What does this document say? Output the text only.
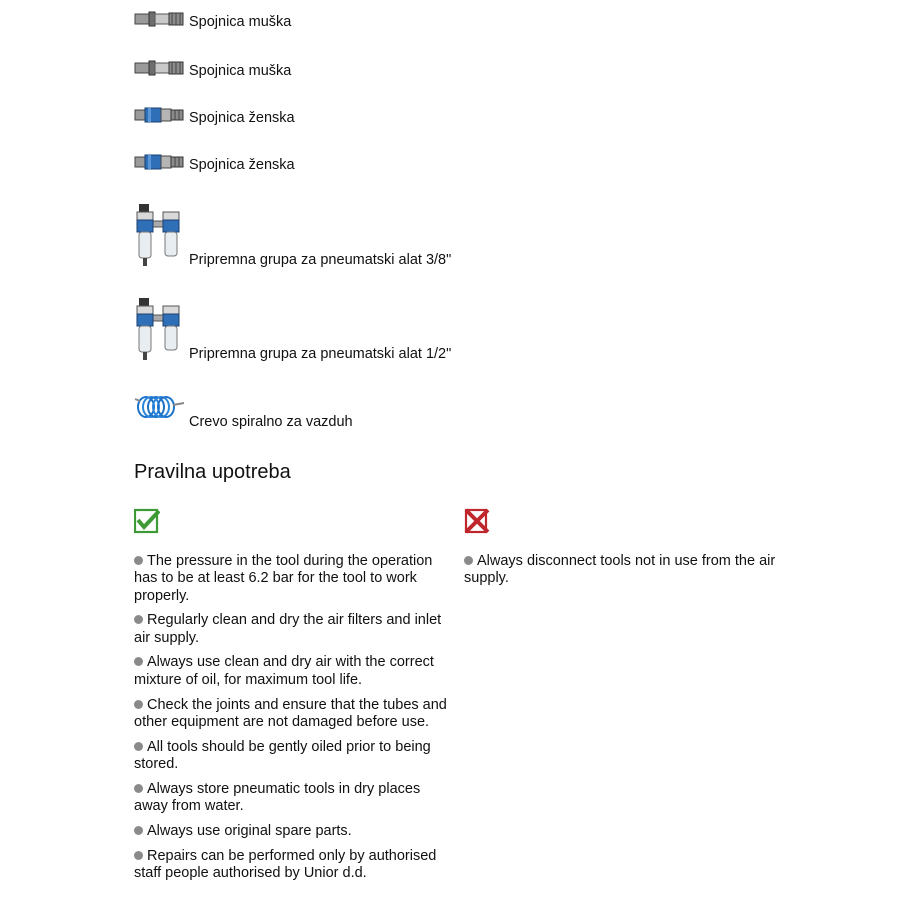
Spojnica muška
Spojnica muška
Spojnica ženska
Spojnica ženska
Pripremna grupa za pneumatski alat 3/8"
Pripremna grupa za pneumatski alat 1/2"
Crevo spiralno za vazduh
Pravilna upotreba
The pressure in the tool during the operation has to be at least 6.2 bar for the tool to work properly.
Regularly clean and dry the air filters and inlet air supply.
Always use clean and dry air with the correct mixture of oil, for maximum tool life.
Check the joints and ensure that the tubes and other equipment are not damaged before use.
All tools should be gently oiled prior to being stored.
Always store pneumatic tools in dry places away from water.
Always use original spare parts.
Repairs can be performed only by authorised staff people authorised by Unior d.d.
Always disconnect tools not in use from the air supply.
